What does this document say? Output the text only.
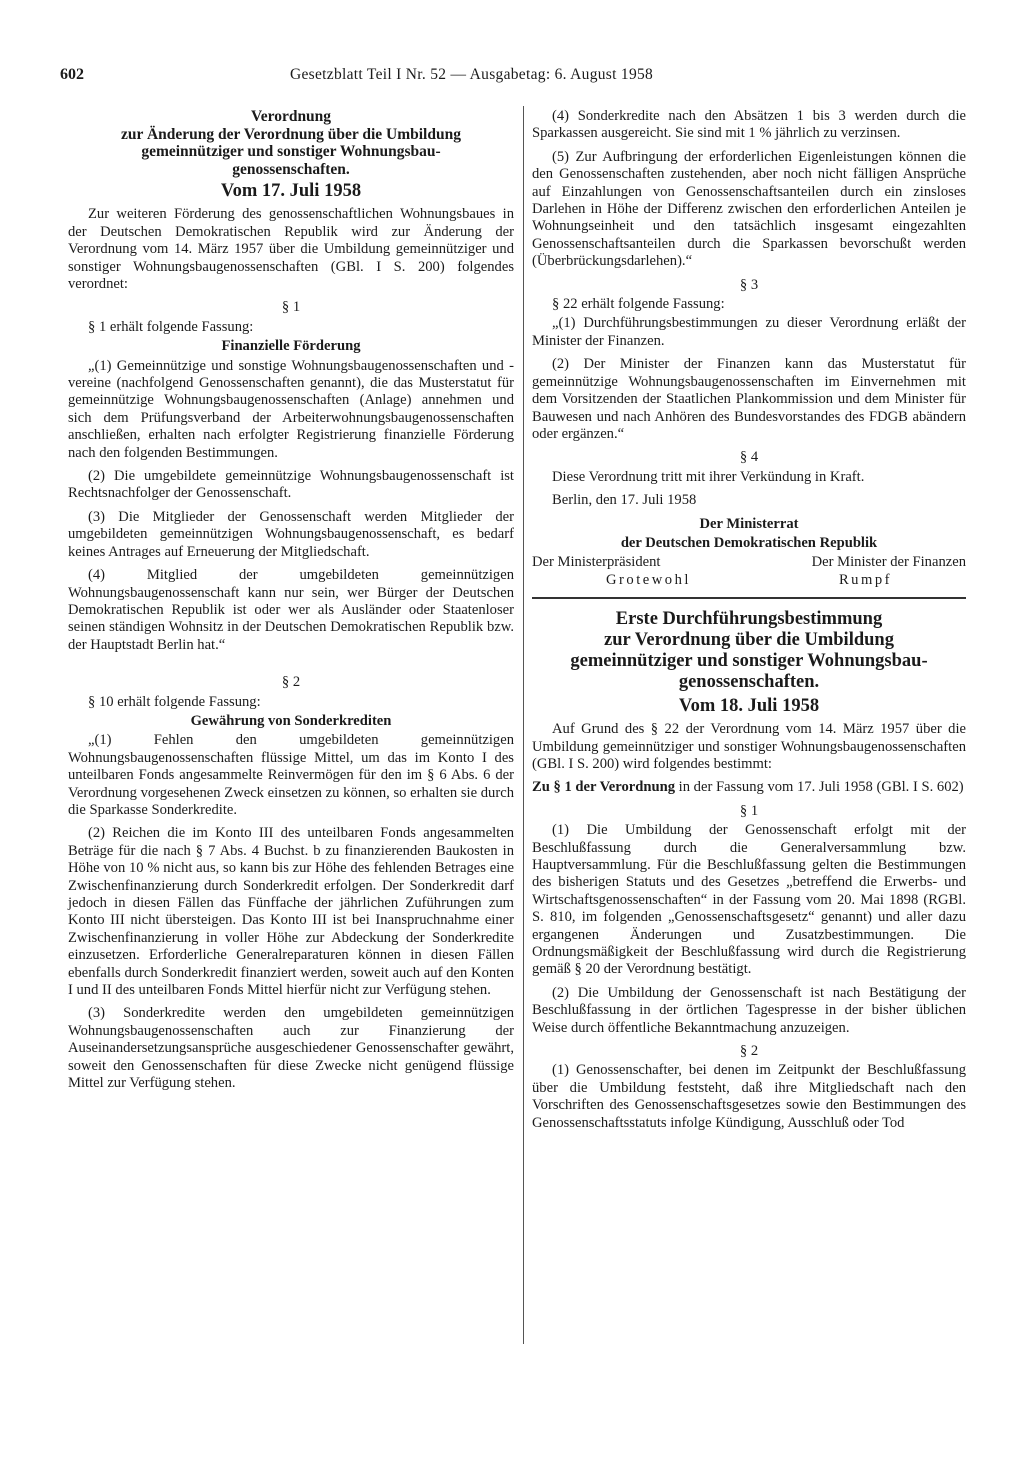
602	Gesetzblatt Teil I Nr. 52 — Ausgabetag: 6. August 1958
Verordnung
zur Änderung der Verordnung über die Umbildung
gemeinnütziger und sonstiger Wohnungsbau-
genossenschaften.
Vom 17. Juli 1958

Zur weiteren Förderung des genossenschaftlichen Wohnungsbaues in der Deutschen Demokratischen Republik wird zur Änderung der Verordnung vom 14. März 1957 über die Umbildung gemeinnütziger und sonstiger Wohnungsbaugenossenschaften (GBl. I S. 200) folgendes verordnet:

§ 1

§ 1 erhält folgende Fassung:

Finanzielle Förderung

„(1) Gemeinnützige und sonstige Wohnungsbaugenossenschaften und -vereine (nachfolgend Genossenschaften genannt), die das Musterstatut für gemeinnützige Wohnungsbaugenossenschaften (Anlage) annehmen und sich dem Prüfungsverband der Arbeiterwohnungsbaugenossenschaften anschließen, erhalten nach erfolgter Registrierung finanzielle Förderung nach den folgenden Bestimmungen.

(2) Die umgebildete gemeinnützige Wohnungsbaugenossenschaft ist Rechtsnachfolger der Genossenschaft.

(3) Die Mitglieder der Genossenschaft werden Mitglieder der umgebildeten gemeinnützigen Wohnungsbaugenossenschaft, es bedarf keines Antrages auf Erneuerung der Mitgliedschaft.

(4) Mitglied der umgebildeten gemeinnützigen Wohnungsbaugenossenschaft kann nur sein, wer Bürger der Deutschen Demokratischen Republik ist oder wer als Ausländer oder Staatenloser seinen ständigen Wohnsitz in der Deutschen Demokratischen Republik bzw. der Hauptstadt Berlin hat.“

§ 2

§ 10 erhält folgende Fassung:

Gewährung von Sonderkrediten

„(1) Fehlen den umgebildeten gemeinnützigen Wohnungsbaugenossenschaften flüssige Mittel, um das im Konto I des unteilbaren Fonds angesammelte Reinvermögen für den im § 6 Abs. 6 der Verordnung vorgesehenen Zweck einsetzen zu können, so erhalten sie durch die Sparkasse Sonderkredite.

(2) Reichen die im Konto III des unteilbaren Fonds angesammelten Beträge für die nach § 7 Abs. 4 Buchst. b zu finanzierenden Baukosten in Höhe von 10 % nicht aus, so kann bis zur Höhe des fehlenden Betrages eine Zwischenfinanzierung durch Sonderkredit erfolgen. Der Sonderkredit darf jedoch in diesen Fällen das Fünffache der jährlichen Zuführungen zum Konto III nicht übersteigen. Das Konto III ist bei Inanspruchnahme einer Zwischenfinanzierung in voller Höhe zur Abdeckung der Sonderkredite einzusetzen. Erforderliche Generalreparaturen können in diesen Fällen ebenfalls durch Sonderkredit finanziert werden, soweit auch auf den Konten I und II des unteilbaren Fonds Mittel hierfür nicht zur Verfügung stehen.

(3) Sonderkredite werden den umgebildeten gemeinnützigen Wohnungsbaugenossenschaften auch zur Finanzierung der Auseinandersetzungsansprüche ausgeschiedener Genossenschafter gewährt, soweit den Genossenschaften für diese Zwecke nicht genügend flüssige Mittel zur Verfügung stehen.

(4) Sonderkredite nach den Absätzen 1 bis 3 werden durch die Sparkassen ausgereicht. Sie sind mit 1 % jährlich zu verzinsen.

(5) Zur Aufbringung der erforderlichen Eigenleistungen können die den Genossenschaften zustehenden, aber noch nicht fälligen Ansprüche auf Einzahlungen von Genossenschaftsanteilen durch ein zinsloses Darlehen in Höhe der Differenz zwischen den erforderlichen Anteilen je Wohnungseinheit und den tatsächlich insgesamt eingezahlten Genossenschaftsanteilen durch die Sparkassen bevorschußt werden (Überbrückungsdarlehen).“

§ 3

§ 22 erhält folgende Fassung:

„(1) Durchführungsbestimmungen zu dieser Verordnung erläßt der Minister der Finanzen.

(2) Der Minister der Finanzen kann das Musterstatut für gemeinnützige Wohnungsbaugenossenschaften im Einvernehmen mit dem Vorsitzenden der Staatlichen Plankommission und dem Minister für Bauwesen und nach Anhören des Bundesvorstandes des FDGB abändern oder ergänzen.“

§ 4

Diese Verordnung tritt mit ihrer Verkündung in Kraft.

Berlin, den 17. Juli 1958

Der Ministerrat
der Deutschen Demokratischen Republik
Der Ministerpräsident	Der Minister der Finanzen
Grotewohl	Rumpf
Erste Durchführungsbestimmung
zur Verordnung über die Umbildung
gemeinnütziger und sonstiger Wohnungsbau-
genossenschaften.
Vom 18. Juli 1958

Auf Grund des § 22 der Verordnung vom 14. März 1957 über die Umbildung gemeinnütziger und sonstiger Wohnungsbaugenossenschaften (GBl. I S. 200) wird folgendes bestimmt:

Zu § 1 der Verordnung in der Fassung vom 17. Juli 1958 (GBl. I S. 602)

§ 1

(1) Die Umbildung der Genossenschaft erfolgt mit der Beschlußfassung durch die Generalversammlung bzw. Hauptversammlung. Für die Beschlußfassung gelten die Bestimmungen des bisherigen Statuts und des Gesetzes „betreffend die Erwerbs- und Wirtschaftsgenossenschaften“ in der Fassung vom 20. Mai 1898 (RGBl. S. 810, im folgenden „Genossenschaftsgesetz“ genannt) und aller dazu ergangenen Änderungen und Zusatzbestimmungen. Die Ordnungsmäßigkeit der Beschlußfassung wird durch die Registrierung gemäß § 20 der Verordnung bestätigt.

(2) Die Umbildung der Genossenschaft ist nach Bestätigung der Beschlußfassung in der örtlichen Tagespresse in der bisher üblichen Weise durch öffentliche Bekanntmachung anzuzeigen.

§ 2

(1) Genossenschafter, bei denen im Zeitpunkt der Beschlußfassung über die Umbildung feststeht, daß ihre Mitgliedschaft nach den Vorschriften des Genossenschaftsgesetzes sowie den Bestimmungen des Genossenschaftsstatuts infolge Kündigung, Ausschluß oder Tod
